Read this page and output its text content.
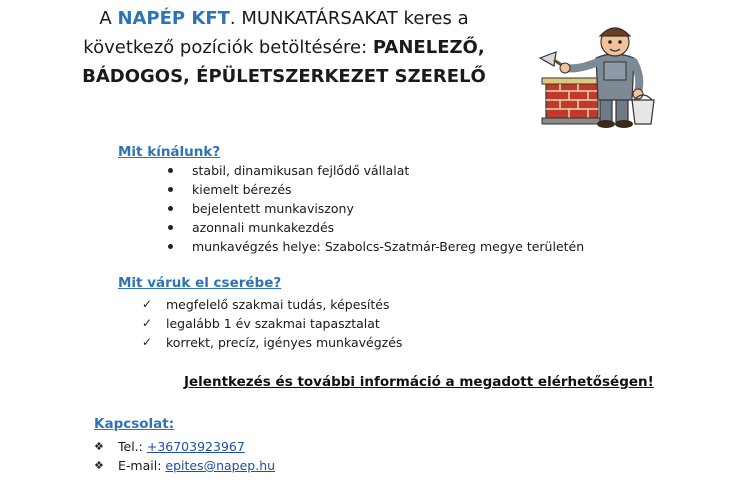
A NAPÉP KFT. MUNKATÁRSAKAT keres a
következő pozíciók betöltésére: PANELEZŐ,
BÁDOGOS, ÉPÜLETSZERKEZET SZERELŐ
Mit kínálunk?
stabil, dinamikusan fejlődő vállalat
kiemelt bérezés
bejelentett munkaviszony
azonnali munkakezdés
munkavégzés helye: Szabolcs-Szatmár-Bereg megye területén
Mit váruk el cserébe?
✓ megfelelő szakmai tudás, képesítés
✓ legalább 1 év szakmai tapasztalat
✓ korrekt, precíz, igényes munkavégzés
Jelentkezés és további információ a megadott elérhetőségen!
Kapcsolat:
❖ Tel.: +36703923967
❖ E-mail: epites@napep.hu
